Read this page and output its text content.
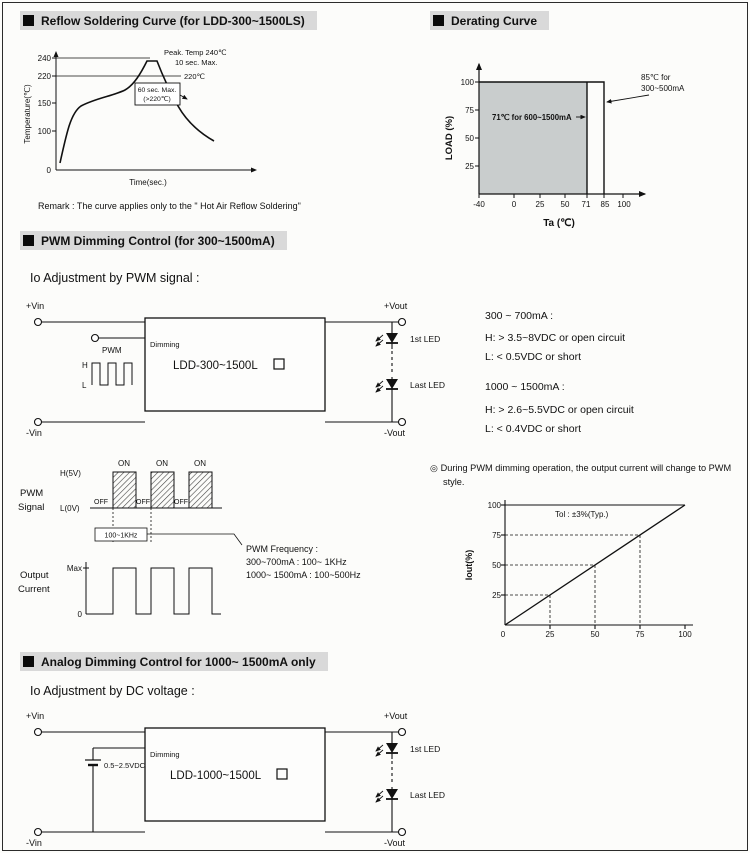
Reflow Soldering Curve (for LDD-300~1500LS)	Derating Curve
240
220
150
100
0
Peak. Temp 240℃
10 sec. Max.
220℃
60 sec. Max.
(>220℃)
Temperature(℃)
Time(sec.)
Remark : The curve applies only to the " Hot Air Reflow Soldering"
100
75
50
25
-40	0 25 50 71 85 100
85℃ for
300~500mA
71℃ for 600~1500mA
LOAD (%)
Ta (℃)
PWM Dimming Control (for 300~1500mA)
Io Adjustment by PWM signal :
Dimming
LDD-300~1500L
+Vin
-Vin
+Vout
-Vout
PWM
H
L
1st LED
Last LED
300 ~ 700mA :
H: > 3.5~8VDC or open circuit
L: < 0.5VDC or short
1000 ~ 1500mA :
H: > 2.6~5.5VDC or open circuit
L: < 0.4VDC or short
PWM
Signal
H(5V)
L(0V)
ON	ON	ON
OFF	OFF	OFF
100~1KHz
PWM Frequency :
300~700mA : 100~ 1KHz
1000~ 1500mA : 100~500Hz
Output
Current
Max
0
◎ During PWM dimming operation, the output current will change to PWM style.
100
75
50
25
0	25	50	75	100
Tol : ±3%(Typ.)
Iout(%)
Analog Dimming Control for 1000~ 1500mA only
Io Adjustment by DC voltage :
0.5~2.5VDC
Dimming
LDD-1000~1500L
+Vin
-Vin
+Vout
-Vout
1st LED
Last LED
